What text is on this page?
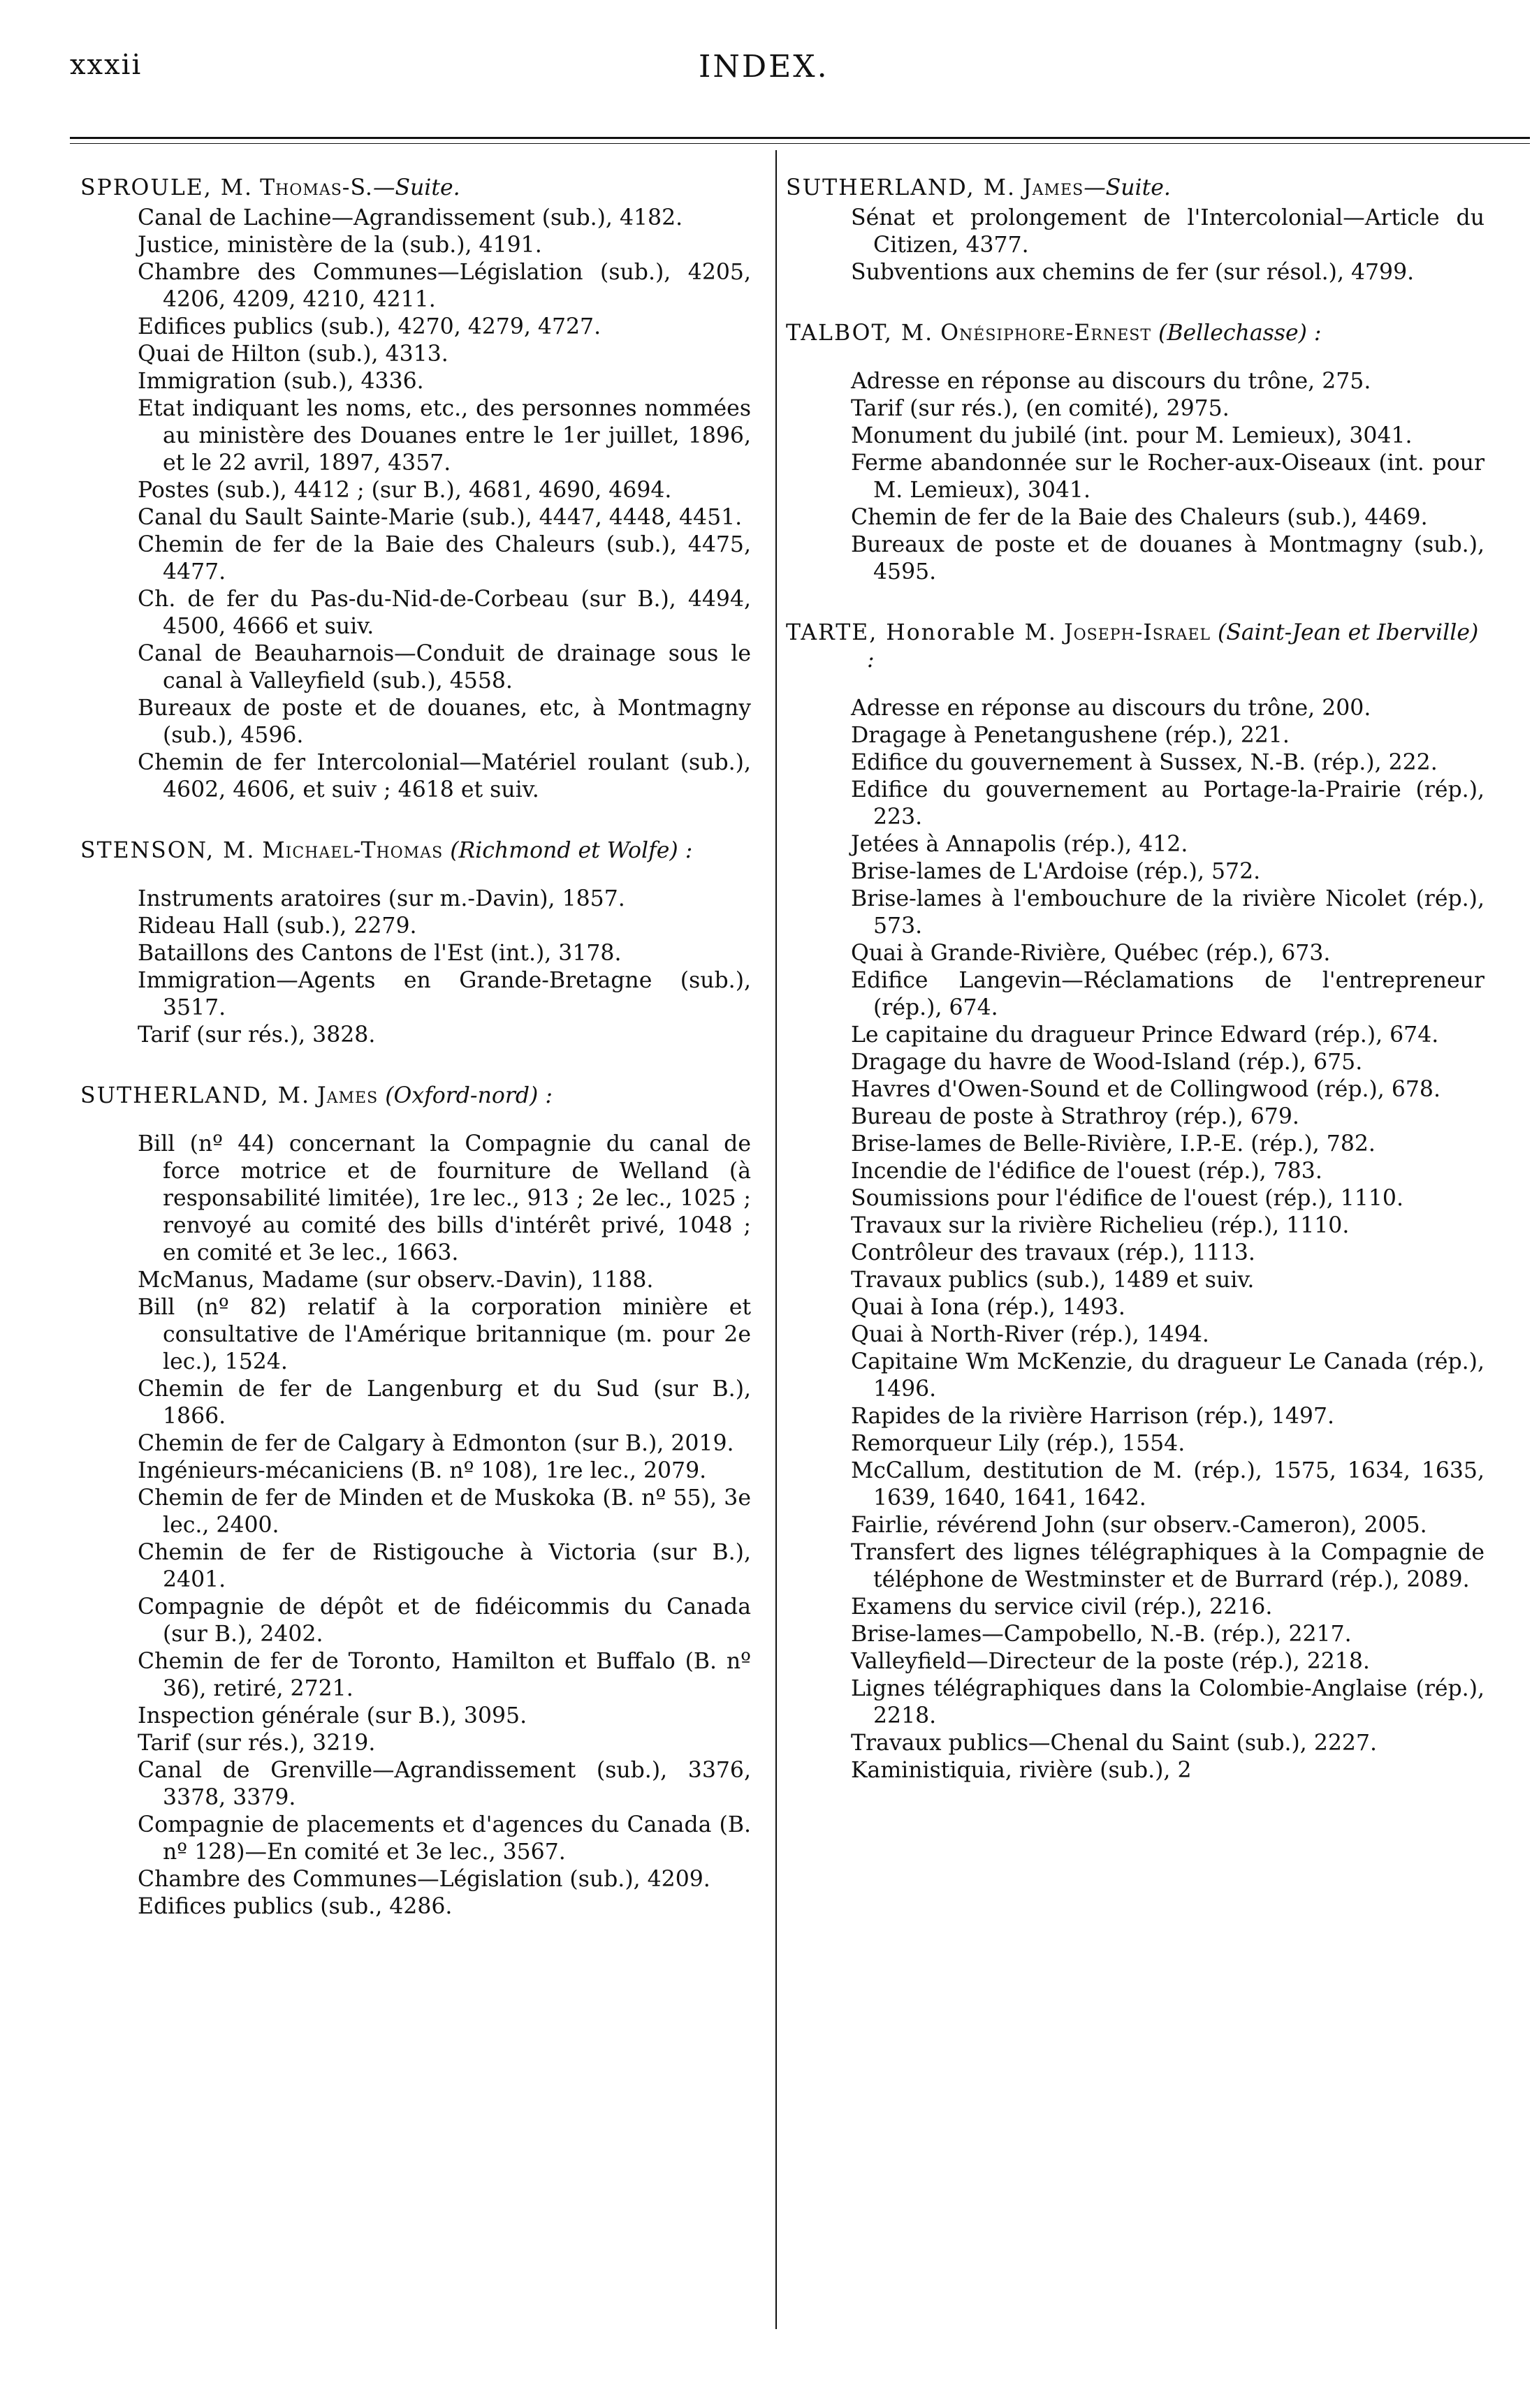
xxxii	INDEX.

SPROULE, M. Thomas-S.—Suite.

Canal de Lachine—Agrandissement (sub.), 4182.

Justice, ministère de la (sub.), 4191.

Chambre des Communes—Législation (sub.), 4205, 4206, 4209, 4210, 4211.

Edifices publics (sub.), 4270, 4279, 4727.

Quai de Hilton (sub.), 4313.

Immigration (sub.), 4336.

Etat indiquant les noms, etc., des personnes nommées au ministère des Douanes entre le 1er juillet, 1896, et le 22 avril, 1897, 4357.

Postes (sub.), 4412 ; (sur B.), 4681, 4690, 4694.

Canal du Sault Sainte-Marie (sub.), 4447, 4448, 4451.

Chemin de fer de la Baie des Chaleurs (sub.), 4475, 4477.

Ch. de fer du Pas-du-Nid-de-Corbeau (sur B.), 4494, 4500, 4666 et suiv.

Canal de Beauharnois—Conduit de drainage sous le canal à Valleyfield (sub.), 4558.

Bureaux de poste et de douanes, etc, à Montmagny (sub.), 4596.

Chemin de fer Intercolonial—Matériel roulant (sub.), 4602, 4606, et suiv ; 4618 et suiv.

STENSON, M. Michael-Thomas (Richmond et Wolfe) :

Instruments aratoires (sur m.-Davin), 1857.

Rideau Hall (sub.), 2279.

Bataillons des Cantons de l'Est (int.), 3178.

Immigration—Agents en Grande-Bretagne (sub.), 3517.

Tarif (sur rés.), 3828.

SUTHERLAND, M. James (Oxford-nord) :

Bill (nº 44) concernant la Compagnie du canal de force motrice et de fourniture de Welland (à responsabilité limitée), 1re lec., 913 ; 2e lec., 1025 ; renvoyé au comité des bills d'intérêt privé, 1048 ; en comité et 3e lec., 1663.

McManus, Madame (sur observ.-Davin), 1188.

Bill (nº 82) relatif à la corporation minière et consultative de l'Amérique britannique (m. pour 2e lec.), 1524.

Chemin de fer de Langenburg et du Sud (sur B.), 1866.

Chemin de fer de Calgary à Edmonton (sur B.), 2019.

Ingénieurs-mécaniciens (B. nº 108), 1re lec., 2079.

Chemin de fer de Minden et de Muskoka (B. nº 55), 3e lec., 2400.

Chemin de fer de Ristigouche à Victoria (sur B.), 2401.

Compagnie de dépôt et de fidéicommis du Canada (sur B.), 2402.

Chemin de fer de Toronto, Hamilton et Buffalo (B. nº 36), retiré, 2721.

Inspection générale (sur B.), 3095.

Tarif (sur rés.), 3219.

Canal de Grenville—Agrandissement (sub.), 3376, 3378, 3379.

Compagnie de placements et d'agences du Canada (B. nº 128)—En comité et 3e lec., 3567.

Chambre des Communes—Législation (sub.), 4209.

Edifices publics (sub., 4286.

SUTHERLAND, M. James—Suite.

Sénat et prolongement de l'Intercolonial—Article du Citizen, 4377.

Subventions aux chemins de fer (sur résol.), 4799.

TALBOT, M. Onésiphore-Ernest (Bellechasse) :

Adresse en réponse au discours du trône, 275.

Tarif (sur rés.), (en comité), 2975.

Monument du jubilé (int. pour M. Lemieux), 3041.

Ferme abandonnée sur le Rocher-aux-Oiseaux (int. pour M. Lemieux), 3041.

Chemin de fer de la Baie des Chaleurs (sub.), 4469.

Bureaux de poste et de douanes à Montmagny (sub.), 4595.

TARTE, Honorable M. Joseph-Israel (Saint-Jean et Iberville) :

Adresse en réponse au discours du trône, 200.

Dragage à Penetangushene (rép.), 221.

Edifice du gouvernement à Sussex, N.-B. (rép.), 222.

Edifice du gouvernement au Portage-la-Prairie (rép.), 223.

Jetées à Annapolis (rép.), 412.

Brise-lames de L'Ardoise (rép.), 572.

Brise-lames à l'embouchure de la rivière Nicolet (rép.), 573.

Quai à Grande-Rivière, Québec (rép.), 673.

Edifice Langevin—Réclamations de l'entrepreneur (rép.), 674.

Le capitaine du dragueur Prince Edward (rép.), 674.

Dragage du havre de Wood-Island (rép.), 675.

Havres d'Owen-Sound et de Collingwood (rép.), 678.

Bureau de poste à Strathroy (rép.), 679.

Brise-lames de Belle-Rivière, I.P.-E. (rép.), 782.

Incendie de l'édifice de l'ouest (rép.), 783.

Soumissions pour l'édifice de l'ouest (rép.), 1110.

Travaux sur la rivière Richelieu (rép.), 1110.

Contrôleur des travaux (rép.), 1113.

Travaux publics (sub.), 1489 et suiv.

Quai à Iona (rép.), 1493.

Quai à North-River (rép.), 1494.

Capitaine Wm McKenzie, du dragueur Le Canada (rép.), 1496.

Rapides de la rivière Harrison (rép.), 1497.

Remorqueur Lily (rép.), 1554.

McCallum, destitution de M. (rép.), 1575, 1634, 1635, 1639, 1640, 1641, 1642.

Fairlie, révérend John (sur observ.-Cameron), 2005.

Transfert des lignes télégraphiques à la Compagnie de téléphone de Westminster et de Burrard (rép.), 2089.

Examens du service civil (rép.), 2216.

Brise-lames—Campobello, N.-B. (rép.), 2217.

Valleyfield—Directeur de la poste (rép.), 2218.

Lignes télégraphiques dans la Colombie-Anglaise (rép.), 2218.

Travaux publics—Chenal du Saint (sub.), 2227.

Kaministiquia, rivière (sub.), 2
